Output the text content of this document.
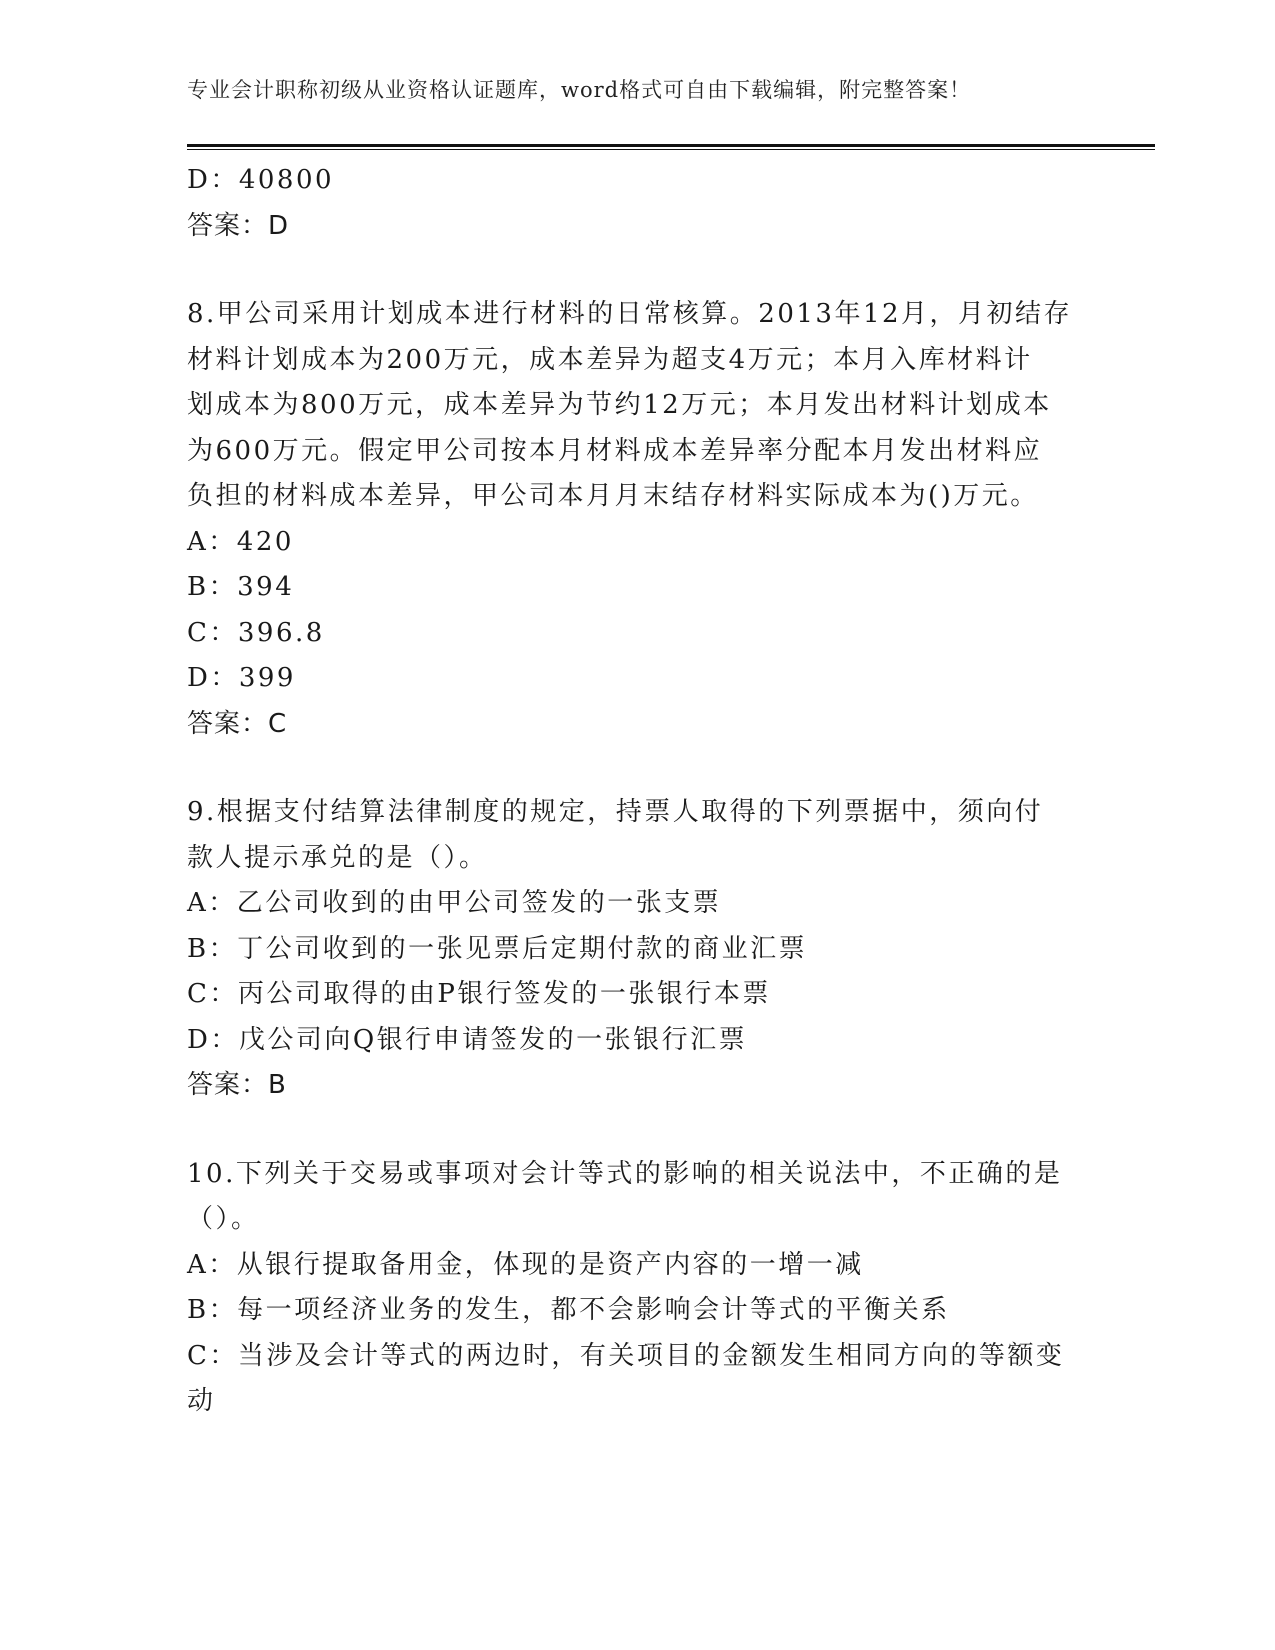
专业会计职称初级从业资格认证题库，word格式可自由下载编辑，附完整答案！
D：40800
答案：D
8.甲公司采用计划成本进行材料的日常核算。2013年12月，月初结存
材料计划成本为200万元，成本差异为超支4万元；本月入库材料计
划成本为800万元，成本差异为节约12万元；本月发出材料计划成本
为600万元。假定甲公司按本月材料成本差异率分配本月发出材料应
负担的材料成本差异，甲公司本月月末结存材料实际成本为()万元。
A：420
B：394
C：396.8
D：399
答案：C
9.根据支付结算法律制度的规定，持票人取得的下列票据中，须向付
款人提示承兑的是（）。
A：乙公司收到的由甲公司签发的一张支票
B：丁公司收到的一张见票后定期付款的商业汇票
C：丙公司取得的由P银行签发的一张银行本票
D：戊公司向Q银行申请签发的一张银行汇票
答案：B
10.下列关于交易或事项对会计等式的影响的相关说法中，不正确的是
（）。
A：从银行提取备用金，体现的是资产内容的一增一减
B：每一项经济业务的发生，都不会影响会计等式的平衡关系
C：当涉及会计等式的两边时，有关项目的金额发生相同方向的等额变
动
